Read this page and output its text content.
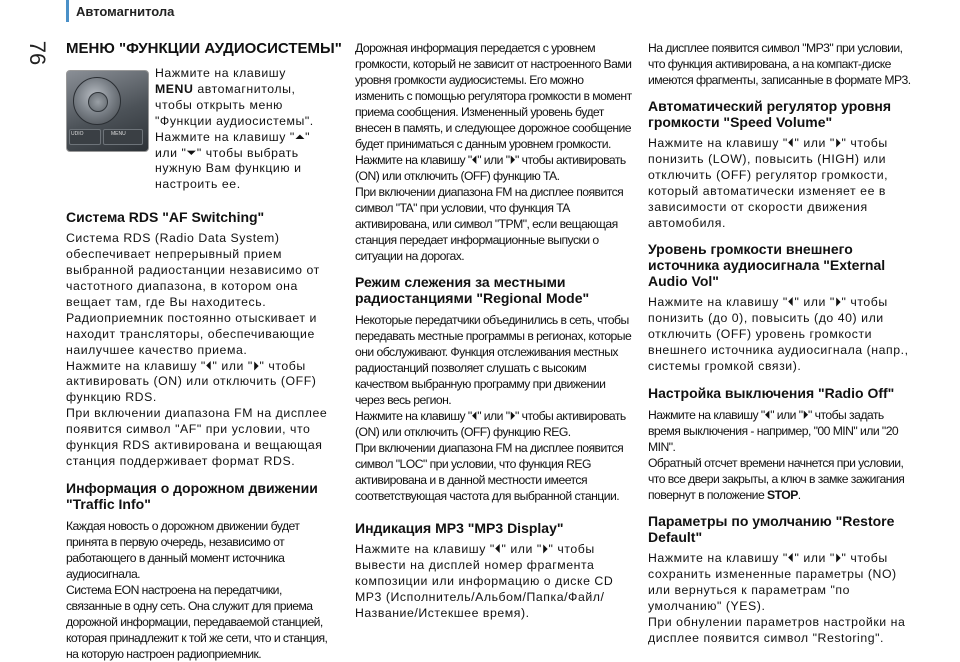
Автомагнитола
76 МЕНЮ "ФУНКЦИИ АУДИОСИСТЕМЫ"
UDIO	MENU

Нажмите на клавишу MENU автомагнитолы, чтобы открыть меню "Функции аудиосистемы".

Нажмите на клавишу "⏶" или "⏷" чтобы выбрать нужную Вам функцию и настроить ее.

Система RDS "AF Switching"

Система RDS (Radio Data System) обеспечивает непрерывный прием выбранной радиостанции независимо от частотного диапазона, в котором она вещает там, где Вы находитесь. Радиоприемник постоянно отыскивает и находит трансляторы, обеспечивающие наилучшее качество приема.

Нажмите на клавишу "⏴" или "⏵" чтобы активировать (ON) или отключить (OFF) функцию RDS.

При включении диапазона FM на дисплее появится символ "AF" при условии, что функция RDS активирована и вещающая станция поддерживает формат RDS.

Информация о дорожном движении "Traffic Info"

Каждая новость о дорожном движении будет принята в первую очередь, независимо от работающего в данный момент источника аудиосигнала.

Система EON настроена на передатчики, связанные в одну сеть. Она служит для приема дорожной информации, передаваемой станцией, которая принадлежит к той же сети, что и станция, на которую настроен радиоприемник.

Дорожная информация передается с уровнем громкости, который не зависит от настроенного Вами уровня громкости аудиосистемы. Его можно изменить с помощью регулятора громкости в момент приема сообщения. Измененный уровень будет внесен в память, и следующее дорожное сообщение будет приниматься с данным уровнем громкости.

Нажмите на клавишу "⏴" или "⏵" чтобы активировать (ON) или отключить (OFF) функцию TA.

При включении диапазона FM на дисплее появится символ "TA" при условии, что функция TA активирована, или символ "TPM", если вещающая станция передает информационные выпуски о ситуации на дорогах.

Режим слежения за местными радиостанциями "Regional Mode"

Некоторые передатчики объединились в сеть, чтобы передавать местные программы в регионах, которые они обслуживают. Функция отслеживания местных радиостанций позволяет слушать с высоким качеством выбранную программу при движении через весь регион.

Нажмите на клавишу "⏴" или "⏵" чтобы активировать (ON) или отключить (OFF) функцию REG.

При включении диапазона FM на дисплее появится символ "LOC" при условии, что функция REG активирована и в данной местности имеется соответствующая частота для выбранной станции.

Индикация MP3 "MP3 Display"

Нажмите на клавишу "⏴" или "⏵" чтобы вывести на дисплей номер фрагмента композиции или информацию о диске CD MP3 (Исполнитель/Альбом/Папка/Файл/Название/Истекшее время).

На дисплее появится символ "MP3" при условии, что функция активирована, а на компакт-диске имеются фрагменты, записанные в формате MP3.

Автоматический регулятор уровня громкости "Speed Volume"

Нажмите на клавишу "⏴" или "⏵" чтобы понизить (LOW), повысить (HIGH) или отключить (OFF) регулятор громкости, который автоматически изменяет ее в зависимости от скорости движения автомобиля.

Уровень громкости внешнего источника аудиосигнала "External Audio Vol"

Нажмите на клавишу "⏴" или "⏵" чтобы понизить (до 0), повысить (до 40) или отключить (OFF) уровень громкости внешнего источника аудиосигнала (напр., системы громкой связи).

Настройка выключения "Radio Off"

Нажмите на клавишу "⏴" или "⏵" чтобы задать время выключения - например, "00 MIN" или "20 MIN".

Обратный отсчет времени начнется при условии, что все двери закрыты, а ключ в замке зажигания повернут в положение STOP.

Параметры по умолчанию "Restore Default"

Нажмите на клавишу "⏴" или "⏵" чтобы сохранить измененные параметры (NO) или вернуться к параметрам "по умолчанию" (YES).

При обнулении параметров настройки на дисплее появится символ "Restoring".
